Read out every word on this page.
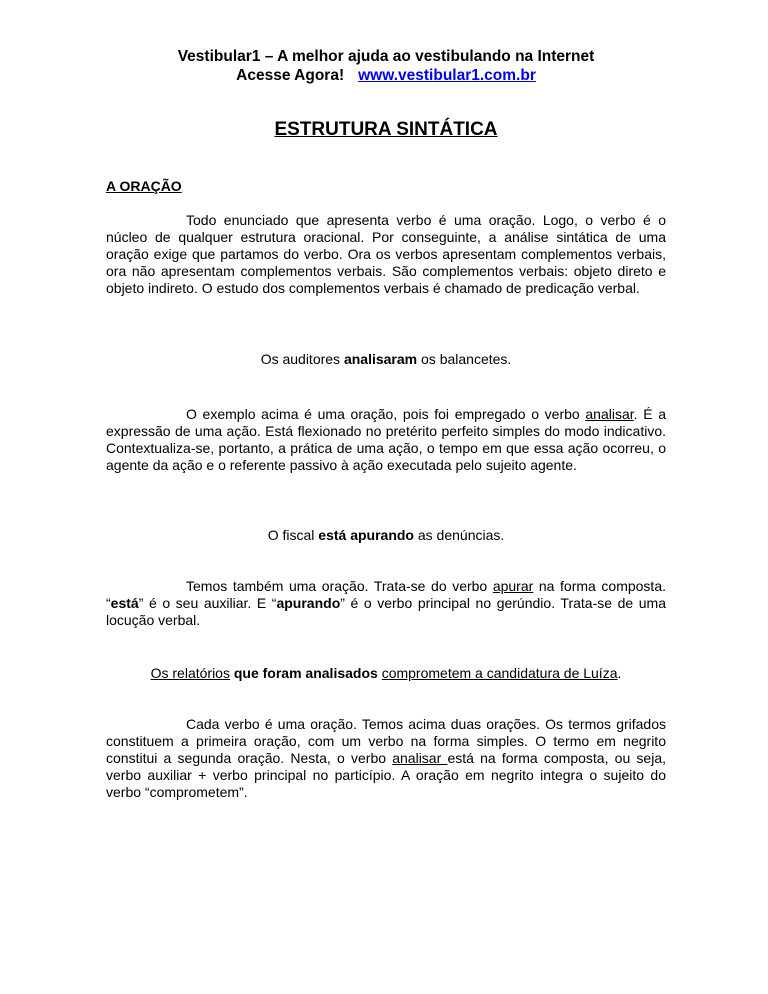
Vestibular1 – A melhor ajuda ao vestibulando na Internet
Acesse Agora! www.vestibular1.com.br
ESTRUTURA SINTÁTICA
A ORAÇÃO
Todo enunciado que apresenta verbo é uma oração. Logo, o verbo é o núcleo de qualquer estrutura oracional. Por conseguinte, a análise sintática de uma oração exige que partamos do verbo. Ora os verbos apresentam complementos verbais, ora não apresentam complementos verbais. São complementos verbais: objeto direto e objeto indireto. O estudo dos complementos verbais é chamado de predicação verbal.
Os auditores analisaram os balancetes.
O exemplo acima é uma oração, pois foi empregado o verbo analisar. É a expressão de uma ação. Está flexionado no pretérito perfeito simples do modo indicativo. Contextualiza-se, portanto, a prática de uma ação, o tempo em que essa ação ocorreu, o agente da ação e o referente passivo à ação executada pelo sujeito agente.
O fiscal está apurando as denúncias.
Temos também uma oração. Trata-se do verbo apurar na forma composta. “está” é o seu auxiliar. E “apurando” é o verbo principal no gerúndio. Trata-se de uma locução verbal.
Os relatórios que foram analisados comprometem a candidatura de Luíza.
Cada verbo é uma oração. Temos acima duas orações. Os termos grifados constituem a primeira oração, com um verbo na forma simples. O termo em negrito constitui a segunda oração. Nesta, o verbo analisar está na forma composta, ou seja, verbo auxiliar + verbo principal no particípio. A oração em negrito integra o sujeito do verbo “comprometem”.
